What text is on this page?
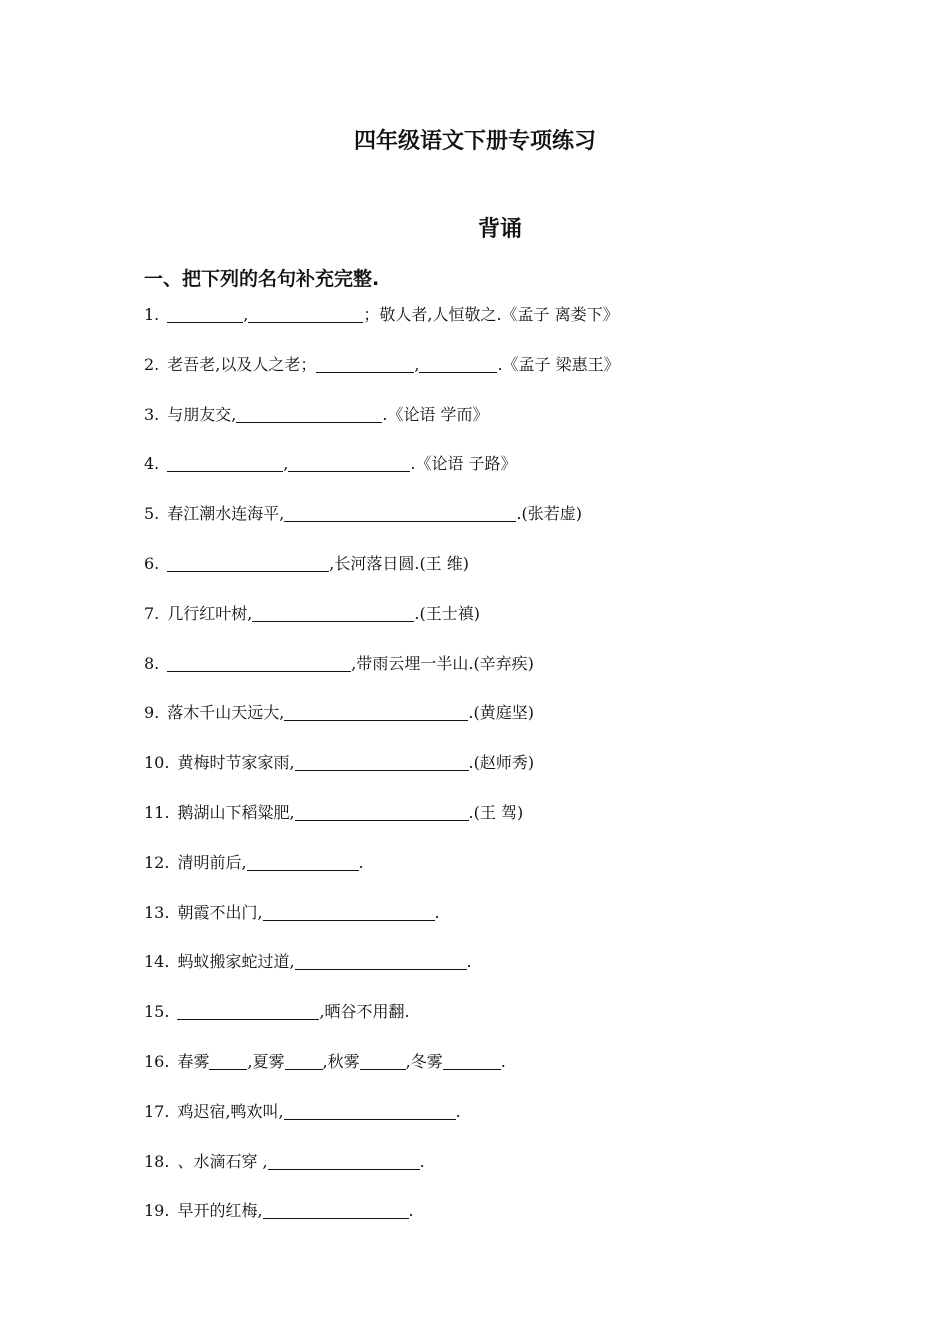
四年级语文下册专项练习
背诵
一、把下列的名句补充完整.
1.	,	；敬人者,人恒敬之.《孟子 离娄下》
2. 老吾老,以及人之老；	,	.《孟子 梁惠王》
3. 与朋友交,	.《论语 学而》
4.	,	.《论语 子路》
5. 春江潮水连海平,	.(张若虚)
6.	,长河落日圆.(王 维)
7. 几行红叶树,	.(王士禛)
8.	,带雨云埋一半山.(辛弃疾)
9. 落木千山天远大,	.(黄庭坚)
10. 黄梅时节家家雨,	.(赵师秀)
11. 鹅湖山下稻粱肥,	.(王 驾)
12. 清明前后,	.
13. 朝霞不出门,	.
14. 蚂蚁搬家蛇过道,	.
15.	,晒谷不用翻.
16. 春雾 ,夏雾 ,秋雾	,冬雾	.
17. 鸡迟宿,鸭欢叫,	.
18. 、水滴石穿 ,	.
19. 早开的红梅,	.
